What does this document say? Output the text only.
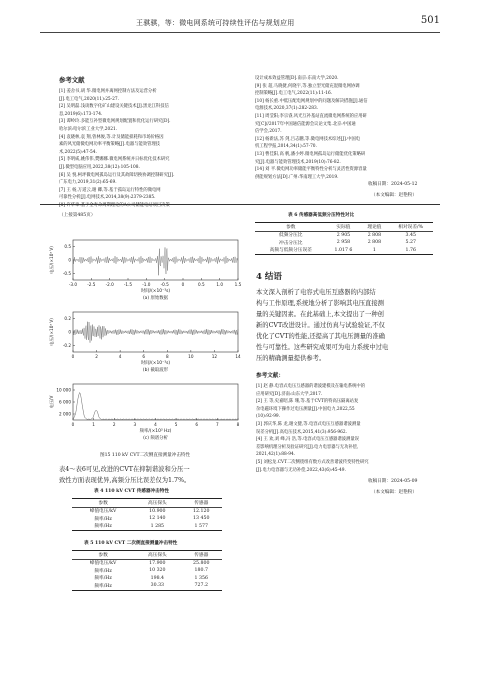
王骐骐，等：微电网系统可持续性评估与规划应用	501
参考文献
[1] 姜舍书,胡 华.微电网并离网控制方法及运营分析
[J].电工电气,2020(11):25-27.
[2] 吴明磊.浅谈数字化矿山建设关键技术[J].黑龙江科技信
息,2019(6):173-174.
[3] 谭岭玲.多能互补型微电网规划配置和优化运行研究[D].
哈尔滨:哈尔滨工业大学,2021.
[4] 袁晓林,袁 翔,曾林俊,等.计及储能损耗和市场价格因
素的风光储微电网功率平衡策略[J].电器与能效管理技
术,2022(5):47-54.
[5] 李明威,姚伟伟,樊娜娜.微电网系统并日标优化技术研究
[J].微型电脑应用,2022,38(12):105-108.
[6] 吴 悦.柯坪微电网孤岛运行及其故障切换协调控制研究[J].
广东电力,2019,31(2):65-69.
[7] 王 杨,万道云,谢 卿,等.基于孤岛运行特性的微电网
可靠性分析[J].电网技术,2014,38(9):2379-2385.
[8] 许华章.基于全寿命周期理论的A公司储能电站项目决策
设计成本效益管理[D].南京:东南大学,2020.
[9] 张 超,马晓捷,何晓宇,等.独立型光储充混微电网协调
控制策略[J].电工电气,2022(11):11-16.
[10] 杨长重.中低压配电网规划中的问题及解决措施[J].通信
电源技术,2020,37(1):282-283.
[11] 周莹阳;李宗睿,风光互补基站直流微电网系统的应用研
究[C]//2017年中国通信能源会议论文集.北京:中国通
信学会,2017.
[12] 杨新法,苏 剑,吕志鹏,等.微电网技术综述[J].中国电
机工程学报,2014,34(1):57-70.
[13] 曹佳阳,高 帆,潘小婷.微电网孤岛运行储能优化策略研
究[J].电器与能效管理技术,2019(10):76-82.
[14] 刘 平.微电网功率储能平衡特性分析与灵活性资源容量
供能规划方法[D].广州:华南理工大学,2019.
收稿日期：2024-05-12
（本文编辑：赵艳粉）
（上接第485页）
0.5
0
-0.5
-3.0 -2.5 -2.0 -1.5 -1.0 -0.5	0	0.5	1.0	1.5
电压/(×10³ V)
时间/(×10⁻³s)
(a) 原始数据
0.2
0
-0.2
0	2	4	6	8	10	12	14
电压/(×10³ V)
时间/(×10⁻³s)
(b) 截取波形
10 000
6 000
2 000
0	1	2	3	4	5	6	7	8
电压/V
频率/(×10³ Hz)
(c) 频谱分析
图15 110 kV CVT二次侧直接测量冲击特性
表4～表6可见,改进的CVT在抑制谐波和分压一
致性方面表现优异,高频分压比误差仅为1.7%。
表 4 110 kV CVT 传感器冲击特性
参数	高压探头	传感器
峰值电压/kV	10.900	12.120
频率/Hz	12 140	13 450
频率/Hz	1 285	1 577
表 5 110 kV CVT 二次侧直接测量冲击特性
参数	高压探头	传感器
峰值电压/kV	17.900	25.800
频率/Hz	10 320	180.7
频率/Hz	198.4	1 356
频率/Hz	30.33	727.2
表 6 传感器高低频分压特性对比
参数	实际值	理论值	相对误差/%
低频分压比	2 905	2 808	3.45
冲击分压比	2 958	2 808	5.27
高频与低频分压误差	1.017 6	1	1.76
4 结语
本文深入剖析了电容式电压互感器的内部结
构与工作原理,系统地分析了影响其电压直接测
量的关键因素。在此基础上,本文提出了一种创
新的CVT改进设计。通过仿真与试验验证,不仅
优化了CVT的性能,还提高了其电压测量的准确
性与可靠性。这些研究成果可为电力系统中过电
压的精确测量提供参考。
参考文献：
[1] 赵 静.电容式电压互感器的谐波建模及在输电系统中的
应用研究[D].济南:山东大学,2017.
[2] 王 等,史嘉昭,陈 珊,等.基于CVT的特高压隔离站复
杂电磁环境下操作过电压测量[J].中国电力,2022,55
(10):92-99.
[3] 郭庆华,陈 龙,谢文健,等.电容式电压互感器谐波测量
误差分析[J].高电压技术,2015,41(3):956-962.
[4] 王 欢,刘 峰,冯 浩,等.电容式电压互感器谐波测量误
差影响机理分析及验证研究[J].电力电容器与无功补偿,
2021,42(1):88-94.
[5] 刘松龙.CVT二次侧绕组有数方式改善谐波传变特性研究
[J].电力电容器与无功补偿,2022,43(6):45-49.
收稿日期：2024-05-09
（本文编辑：赵艳粉）
